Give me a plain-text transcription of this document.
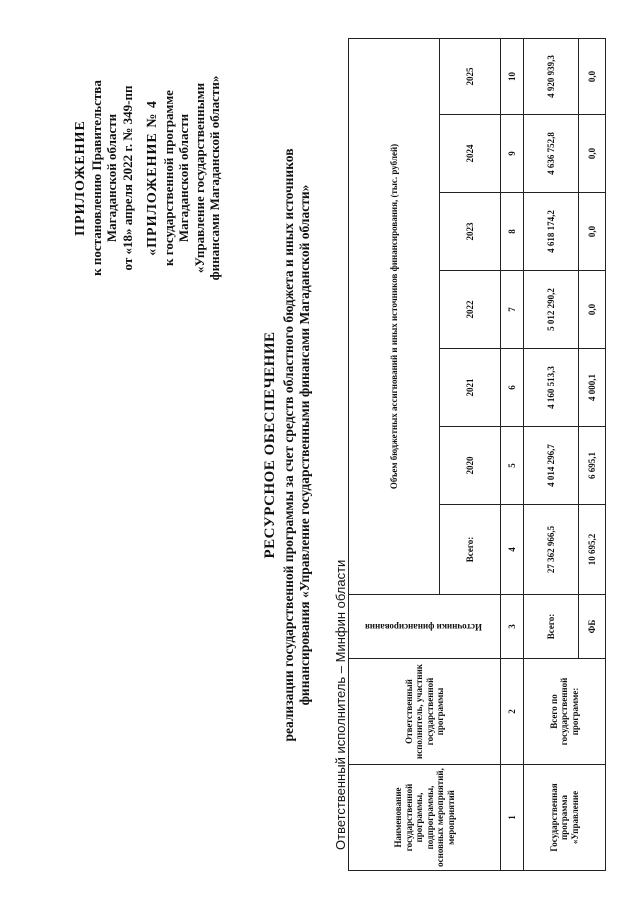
ПРИЛОЖЕНИЕ к постановлению Правительства Магаданской области от «18» апреля 2022 г. № 349-пп «ПРИЛОЖЕНИЕ № 4 к государственной программе Магаданской области «Управление государственными финансами Магаданской области»
РЕСУРСНОЕ ОБЕСПЕЧЕНИЕ реализации государственной программы за счет средств областного бюджета и иных источников финансирования «Управление государственными финансами Магаданской области» Ответственный исполнитель – Минфин области	Наименование государственной программы, подпрограммы, основных мероприятий, мероприятий	Ответственный исполнитель, участник государственной программы	Источники финансирования	Объем бюджетных ассигнований и иных источников финансирования, (тыс. рублей)						
			Всего:	2020	2021	2022	2023	2024	2025
1	2	3	4	5	6	7	8	9	10
Государственная программа «Управление	Всего по государственной программе:	Всего:	27 362 966,5	4 014 296,7	4 160 513,3	5 012 290,2	4 618 174,2	4 636 752,8	4 920 939,3
		ФБ	10 695,2	6 695,1	4 000,1	0,0	0,0	0,0	0,0
